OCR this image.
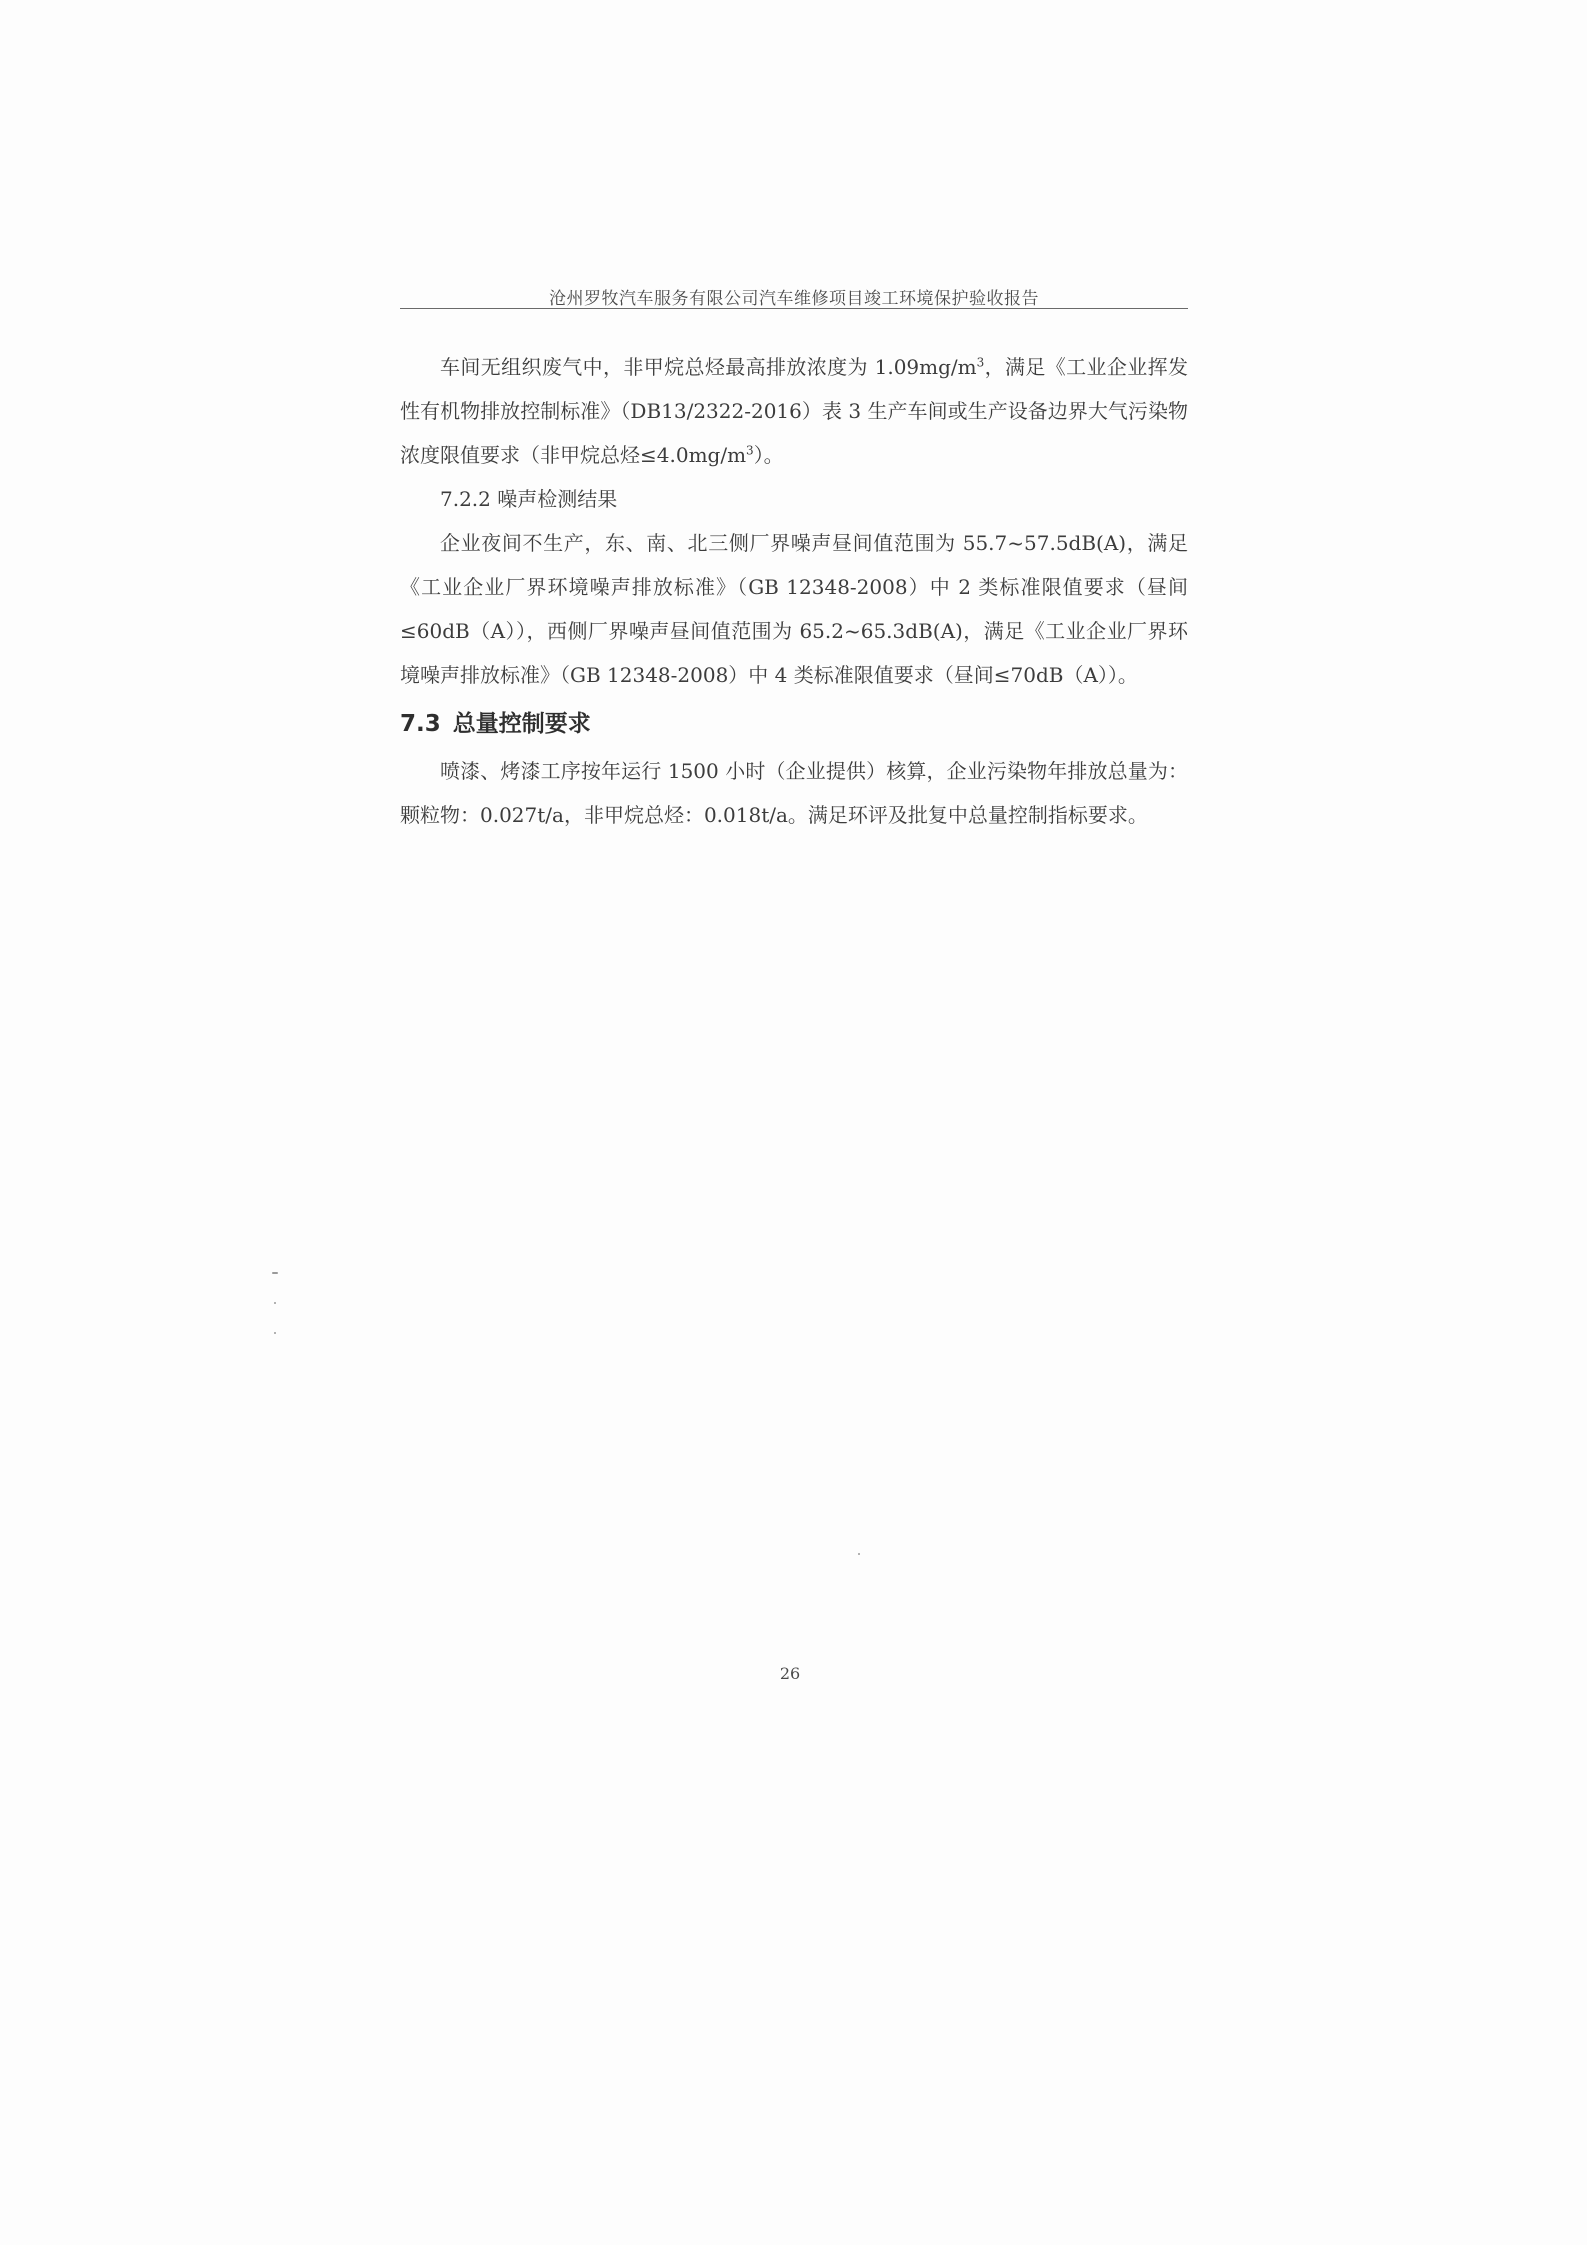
沧州罗牧汽车服务有限公司汽车维修项目竣工环境保护验收报告

车间无组织废气中，非甲烷总烃最高排放浓度为 $1.09mg/m^3$，满足《工业企业挥发性有机物排放控制标准》（DB13/2322-2016）表 3 生产车间或生产设备边界大气污染物浓度限值要求（非甲烷总烃$\le 4.0mg/m^3$）。

7.2.2 噪声检测结果

企业夜间不生产，东、南、北三侧厂界噪声昼间值范围为 55.7~57.5dB(A)，满足《工业企业厂界环境噪声排放标准》（GB 12348-2008）中 2 类标准限值要求（昼间≤60dB（A）），西侧厂界噪声昼间值范围为 65.2~65.3dB(A)，满足《工业企业厂界环境噪声排放标准》（GB 12348-2008）中 4 类标准限值要求（昼间≤70dB（A））。

7.3 总量控制要求

喷漆、烤漆工序按年运行 1500 小时（企业提供）核算，企业污染物年排放总量为：颗粒物：0.027t/a，非甲烷总烃：0.018t/a。满足环评及批复中总量控制指标要求。

26
